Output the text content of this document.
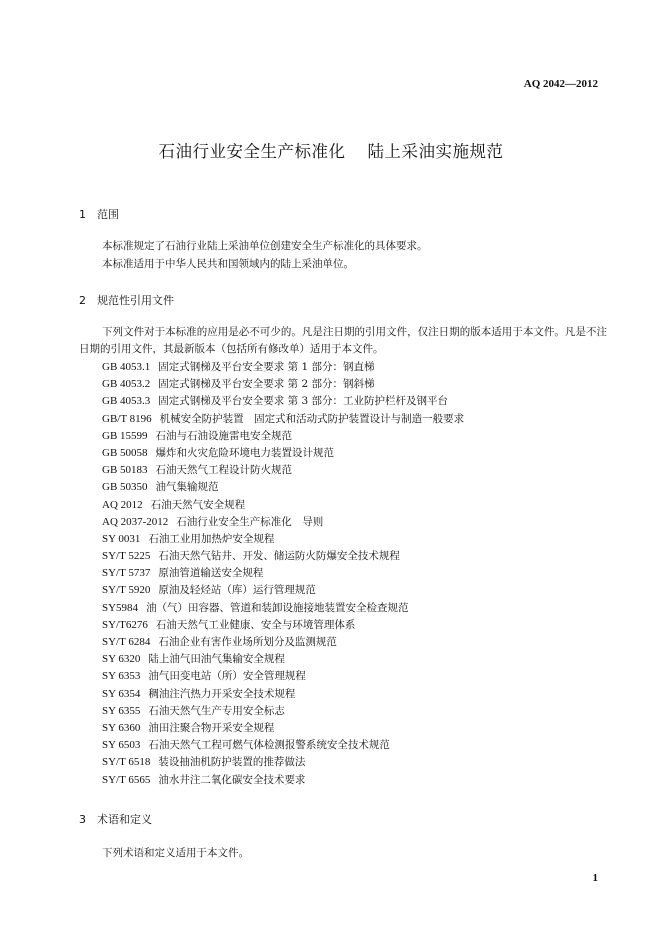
AQ 2042—2012
石油行业安全生产标准化 陆上采油实施规范
1 范围
本标准规定了石油行业陆上采油单位创建安全生产标准化的具体要求。
本标准适用于中华人民共和国领域内的陆上采油单位。
2 规范性引用文件
下列文件对于本标准的应用是必不可少的。凡是注日期的引用文件，仅注日期的版本适用于本文件。凡是不注日期的引用文件，其最新版本（包括所有修改单）适用于本文件。
GB 4053.1 固定式钢梯及平台安全要求 第 1 部分：钢直梯
GB 4053.2 固定式钢梯及平台安全要求 第 2 部分：钢斜梯
GB 4053.3 固定式钢梯及平台安全要求 第 3 部分：工业防护栏杆及钢平台
GB/T 8196 机械安全防护装置　固定式和活动式防护装置设计与制造一般要求
GB 15599 石油与石油设施雷电安全规范
GB 50058 爆炸和火灾危险环境电力装置设计规范
GB 50183 石油天然气工程设计防火规范
GB 50350 油气集输规范
AQ 2012 石油天然气安全规程
AQ 2037-2012 石油行业安全生产标准化　导则
SY 0031 石油工业用加热炉安全规程
SY/T 5225 石油天然气钻井、开发、储运防火防爆安全技术规程
SY/T 5737 原油管道输送安全规程
SY/T 5920 原油及轻烃站（库）运行管理规范
SY5984 油（气）田容器、管道和装卸设施接地装置安全检查规范
SY/T6276 石油天然气工业健康、安全与环境管理体系
SY/T 6284 石油企业有害作业场所划分及监测规范
SY 6320 陆上油气田油气集输安全规程
SY 6353 油气田变电站（所）安全管理规程
SY 6354 稠油注汽热力开采安全技术规程
SY 6355 石油天然气生产专用安全标志
SY 6360 油田注聚合物开采安全规程
SY 6503 石油天然气工程可燃气体检测报警系统安全技术规范
SY/T 6518 装设抽油机防护装置的推荐做法
SY/T 6565 油水井注二氧化碳安全技术要求
3 术语和定义
下列术语和定义适用于本文件。
1
